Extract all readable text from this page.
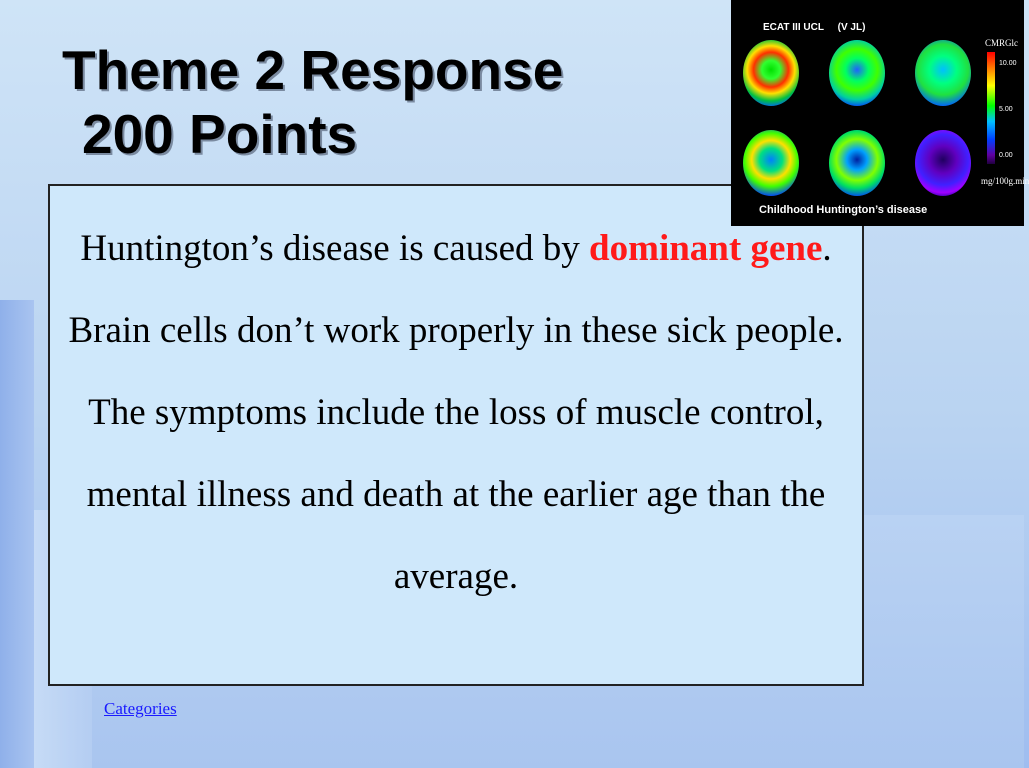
Theme 2 Response
200 Points
Huntington’s disease is caused by dominant gene. Brain cells don’t work properly in these sick people. The symptoms include the loss of muscle control, mental illness and death at the earlier age than the average.
Categories
ECAT III UCL     (V JL)
CMRGlc
10.00
5.00
0.00
mg/100g.min
Childhood Huntington’s disease
